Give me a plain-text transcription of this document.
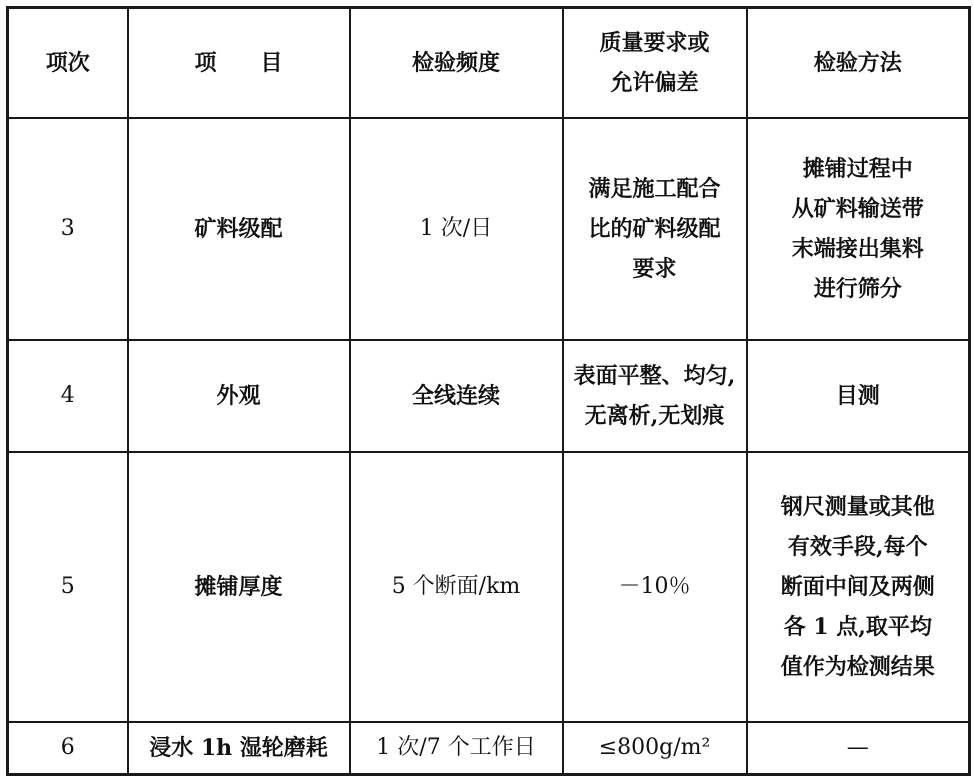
项次	项　　目	检验频度	质量要求或
允许偏差	检验方法
3	矿料级配	1 次/日	满足施工配合
比的矿料级配
要求	摊铺过程中
从矿料输送带
末端接出集料
进行筛分
4	外观	全线连续	表面平整、均匀,
无离析,无划痕	目测
5	摊铺厚度	5 个断面/km	－10％	钢尺测量或其他
有效手段,每个
断面中间及两侧
各 1 点,取平均
值作为检测结果
6	浸水 1h 湿轮磨耗	1 次/7 个工作日	≤800g/m²	—
